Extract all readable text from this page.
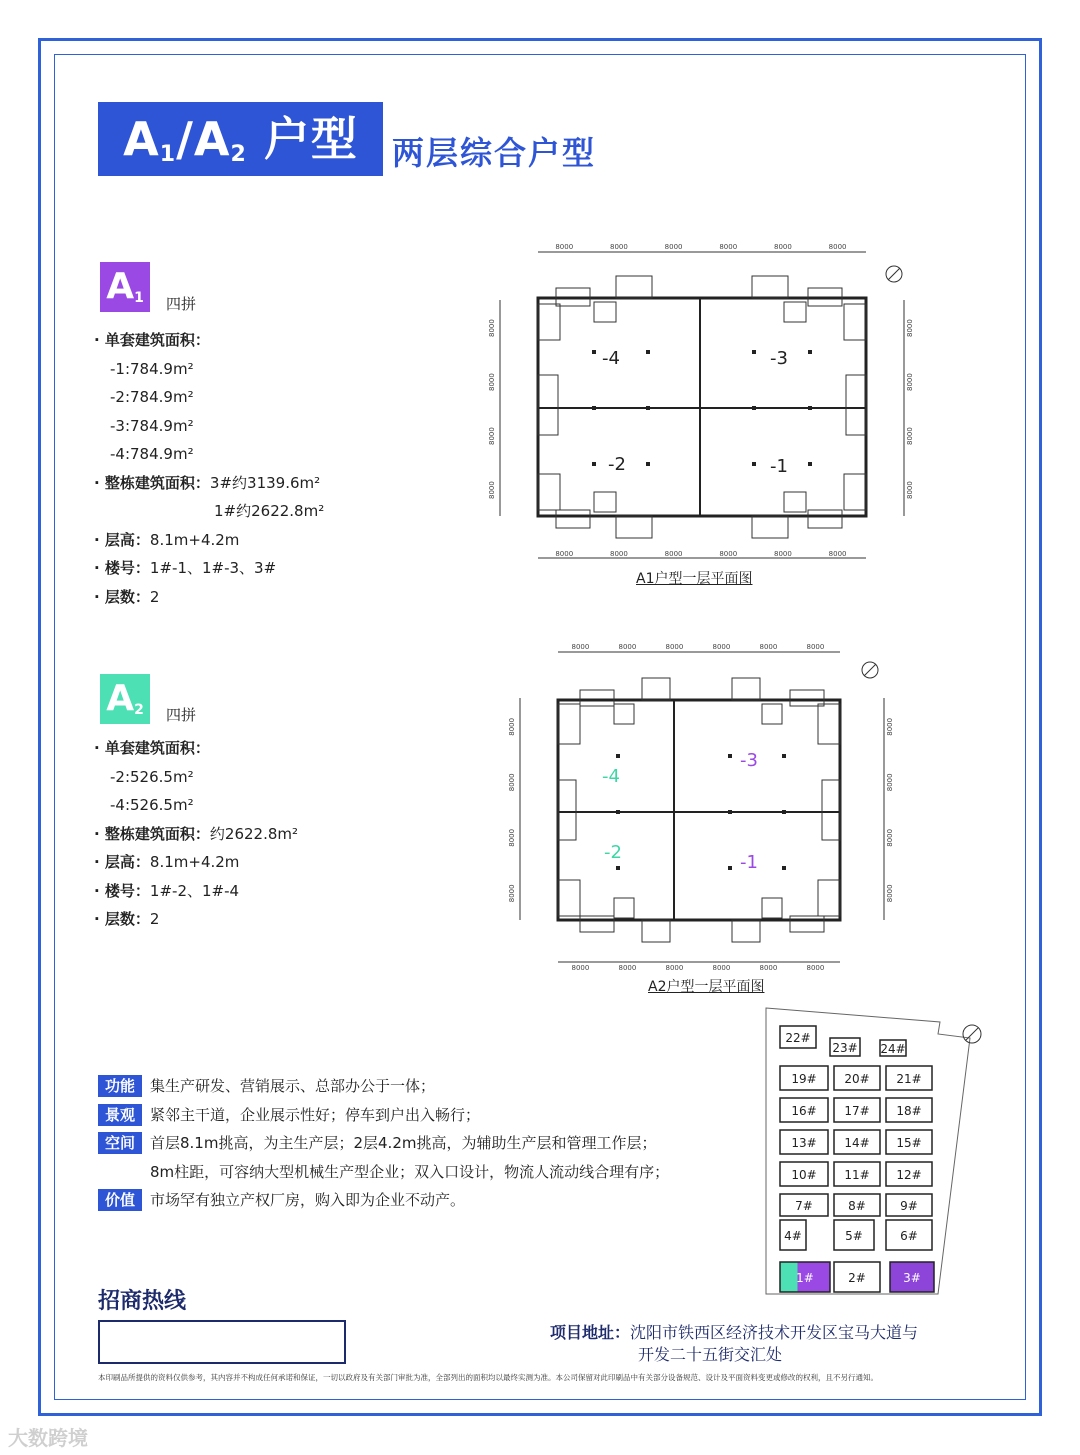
$A_1/A_2$ 户型	两层综合户型
$A_1$	四拼
· 单套建筑面积：
-1:784.9m²
-2:784.9m²
-3:784.9m²
-4:784.9m²
· 整栋建筑面积：3#约3139.6m²
1#约2622.8m²
· 层高：8.1m+4.2m
· 楼号：1#-1、1#-3、3#
· 层数：2
$A_2$	四拼
· 单套建筑面积：
-2:526.5m²
-4:526.5m²
· 整栋建筑面积：约2622.8m²
· 层高：8.1m+4.2m
· 楼号：1#-2、1#-4
· 层数：2
8000	8000	8000	8000	8000	8000
8000	8000	8000	8000	8000	8000
8000
8000
8000
8000
8000
8000
8000
8000
-4	-3
-2	-1
A1户型一层平面图
8000	8000	8000	8000	8000	8000
8000	8000	8000	8000	8000	8000
8000
8000
8000
8000
8000
8000
8000
8000
-4
-3
-2	-1
A2户型一层平面图
功能	集生产研发、营销展示、总部办公于一体；
景观	紧邻主干道，企业展示性好；停车到户出入畅行；
空间	首层8.1m挑高，为主生产层；2层4.2m挑高，为辅助生产层和管理工作层；
8m柱距，可容纳大型机械生产型企业；双入口设计，物流人流动线合理有序；
价值	市场罕有独立产权厂房，购入即为企业不动产。
22#
23# 24#
19# 20# 21#
16# 17# 18#
13# 14# 15#
10# 11# 12#
7#	8#	9#
4#	5#	6#
1#	2#	3#
招商热线
项目地址：沈阳市铁西区经济技术开发区宝马大道与
开发二十五街交汇处
本印刷品所提供的资料仅供参考，其内容并不构成任何承诺和保证，一切以政府及有关部门审批为准，全部列出的面积均以最终实测为准。本公司保留对此印刷品中有关部分设备规范、设计及平面资料变更或修改的权利，且不另行通知。
大数跨境
